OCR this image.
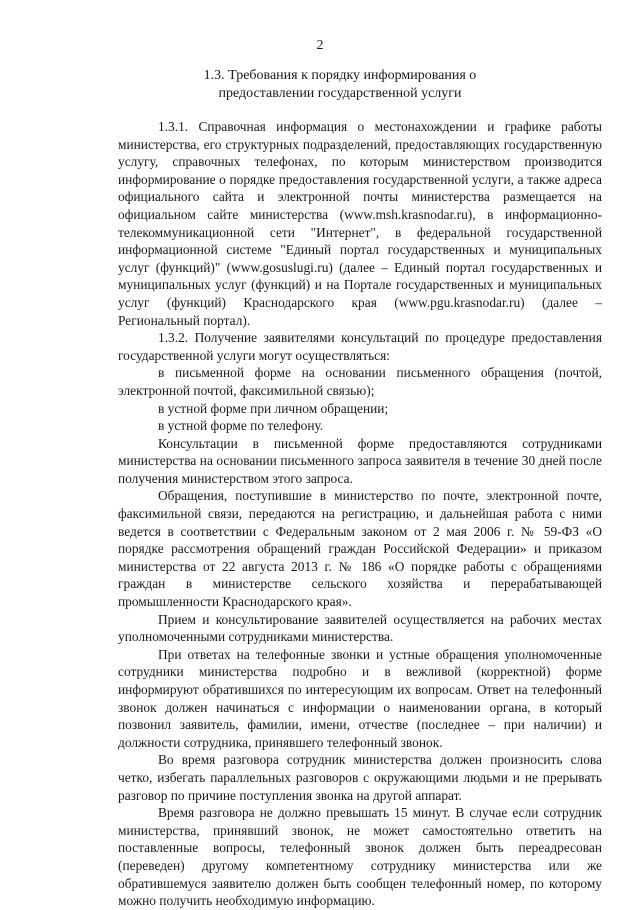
2
1.3. Требования к порядку информирования о
предоставлении государственной услуги

1.3.1. Справочная информация о местонахождении и графике работы министерства, его структурных подразделений, предоставляющих государственную услугу, справочных телефонах, по которым министерством производится информирование о порядке предоставления государственной услуги, а также адреса официального сайта и электронной почты министерства размещается на официальном сайте министерства (www.msh.krasnodar.ru), в информационно-телекоммуникационной сети "Интернет", в федеральной государственной информационной системе "Единый портал государственных и муниципальных услуг (функций)" (www.gosuslugi.ru) (далее – Единый портал государственных и муниципальных услуг (функций) и на Портале государственных и муниципальных услуг (функций) Краснодарского края (www.pgu.krasnodar.ru) (далее – Региональный портал).

1.3.2. Получение заявителями консультаций по процедуре предоставления государственной услуги могут осуществляться:

в письменной форме на основании письменного обращения (почтой, электронной почтой, факсимильной связью);

в устной форме при личном обращении;

в устной форме по телефону.

Консультации в письменной форме предоставляются сотрудниками министерства на основании письменного запроса заявителя в течение 30 дней после получения министерством этого запроса.

Обращения, поступившие в министерство по почте, электронной почте, факсимильной связи, передаются на регистрацию, и дальнейшая работа с ними ведется в соответствии с Федеральным законом от 2 мая 2006 г. № 59-ФЗ «О порядке рассмотрения обращений граждан Российской Федерации» и приказом министерства от 22 августа 2013 г. № 186 «О порядке работы с обращениями граждан в министерстве сельского хозяйства и перерабатывающей промышленности Краснодарского края».

Прием и консультирование заявителей осуществляется на рабочих местах уполномоченными сотрудниками министерства.

При ответах на телефонные звонки и устные обращения уполномоченные сотрудники министерства подробно и в вежливой (корректной) форме информируют обратившихся по интересующим их вопросам. Ответ на телефонный звонок должен начинаться с информации о наименовании органа, в который позвонил заявитель, фамилии, имени, отчестве (последнее – при наличии) и должности сотрудника, принявшего телефонный звонок.

Во время разговора сотрудник министерства должен произносить слова четко, избегать параллельных разговоров с окружающими людьми и не прерывать разговор по причине поступления звонка на другой аппарат.

Время разговора не должно превышать 15 минут. В случае если сотрудник министерства, принявший звонок, не может самостоятельно ответить на поставленные вопросы, телефонный звонок должен быть переадресован (переведен) другому компетентному сотруднику министерства или же обратившемуся заявителю должен быть сообщен телефонный номер, по которому можно получить необходимую информацию.
